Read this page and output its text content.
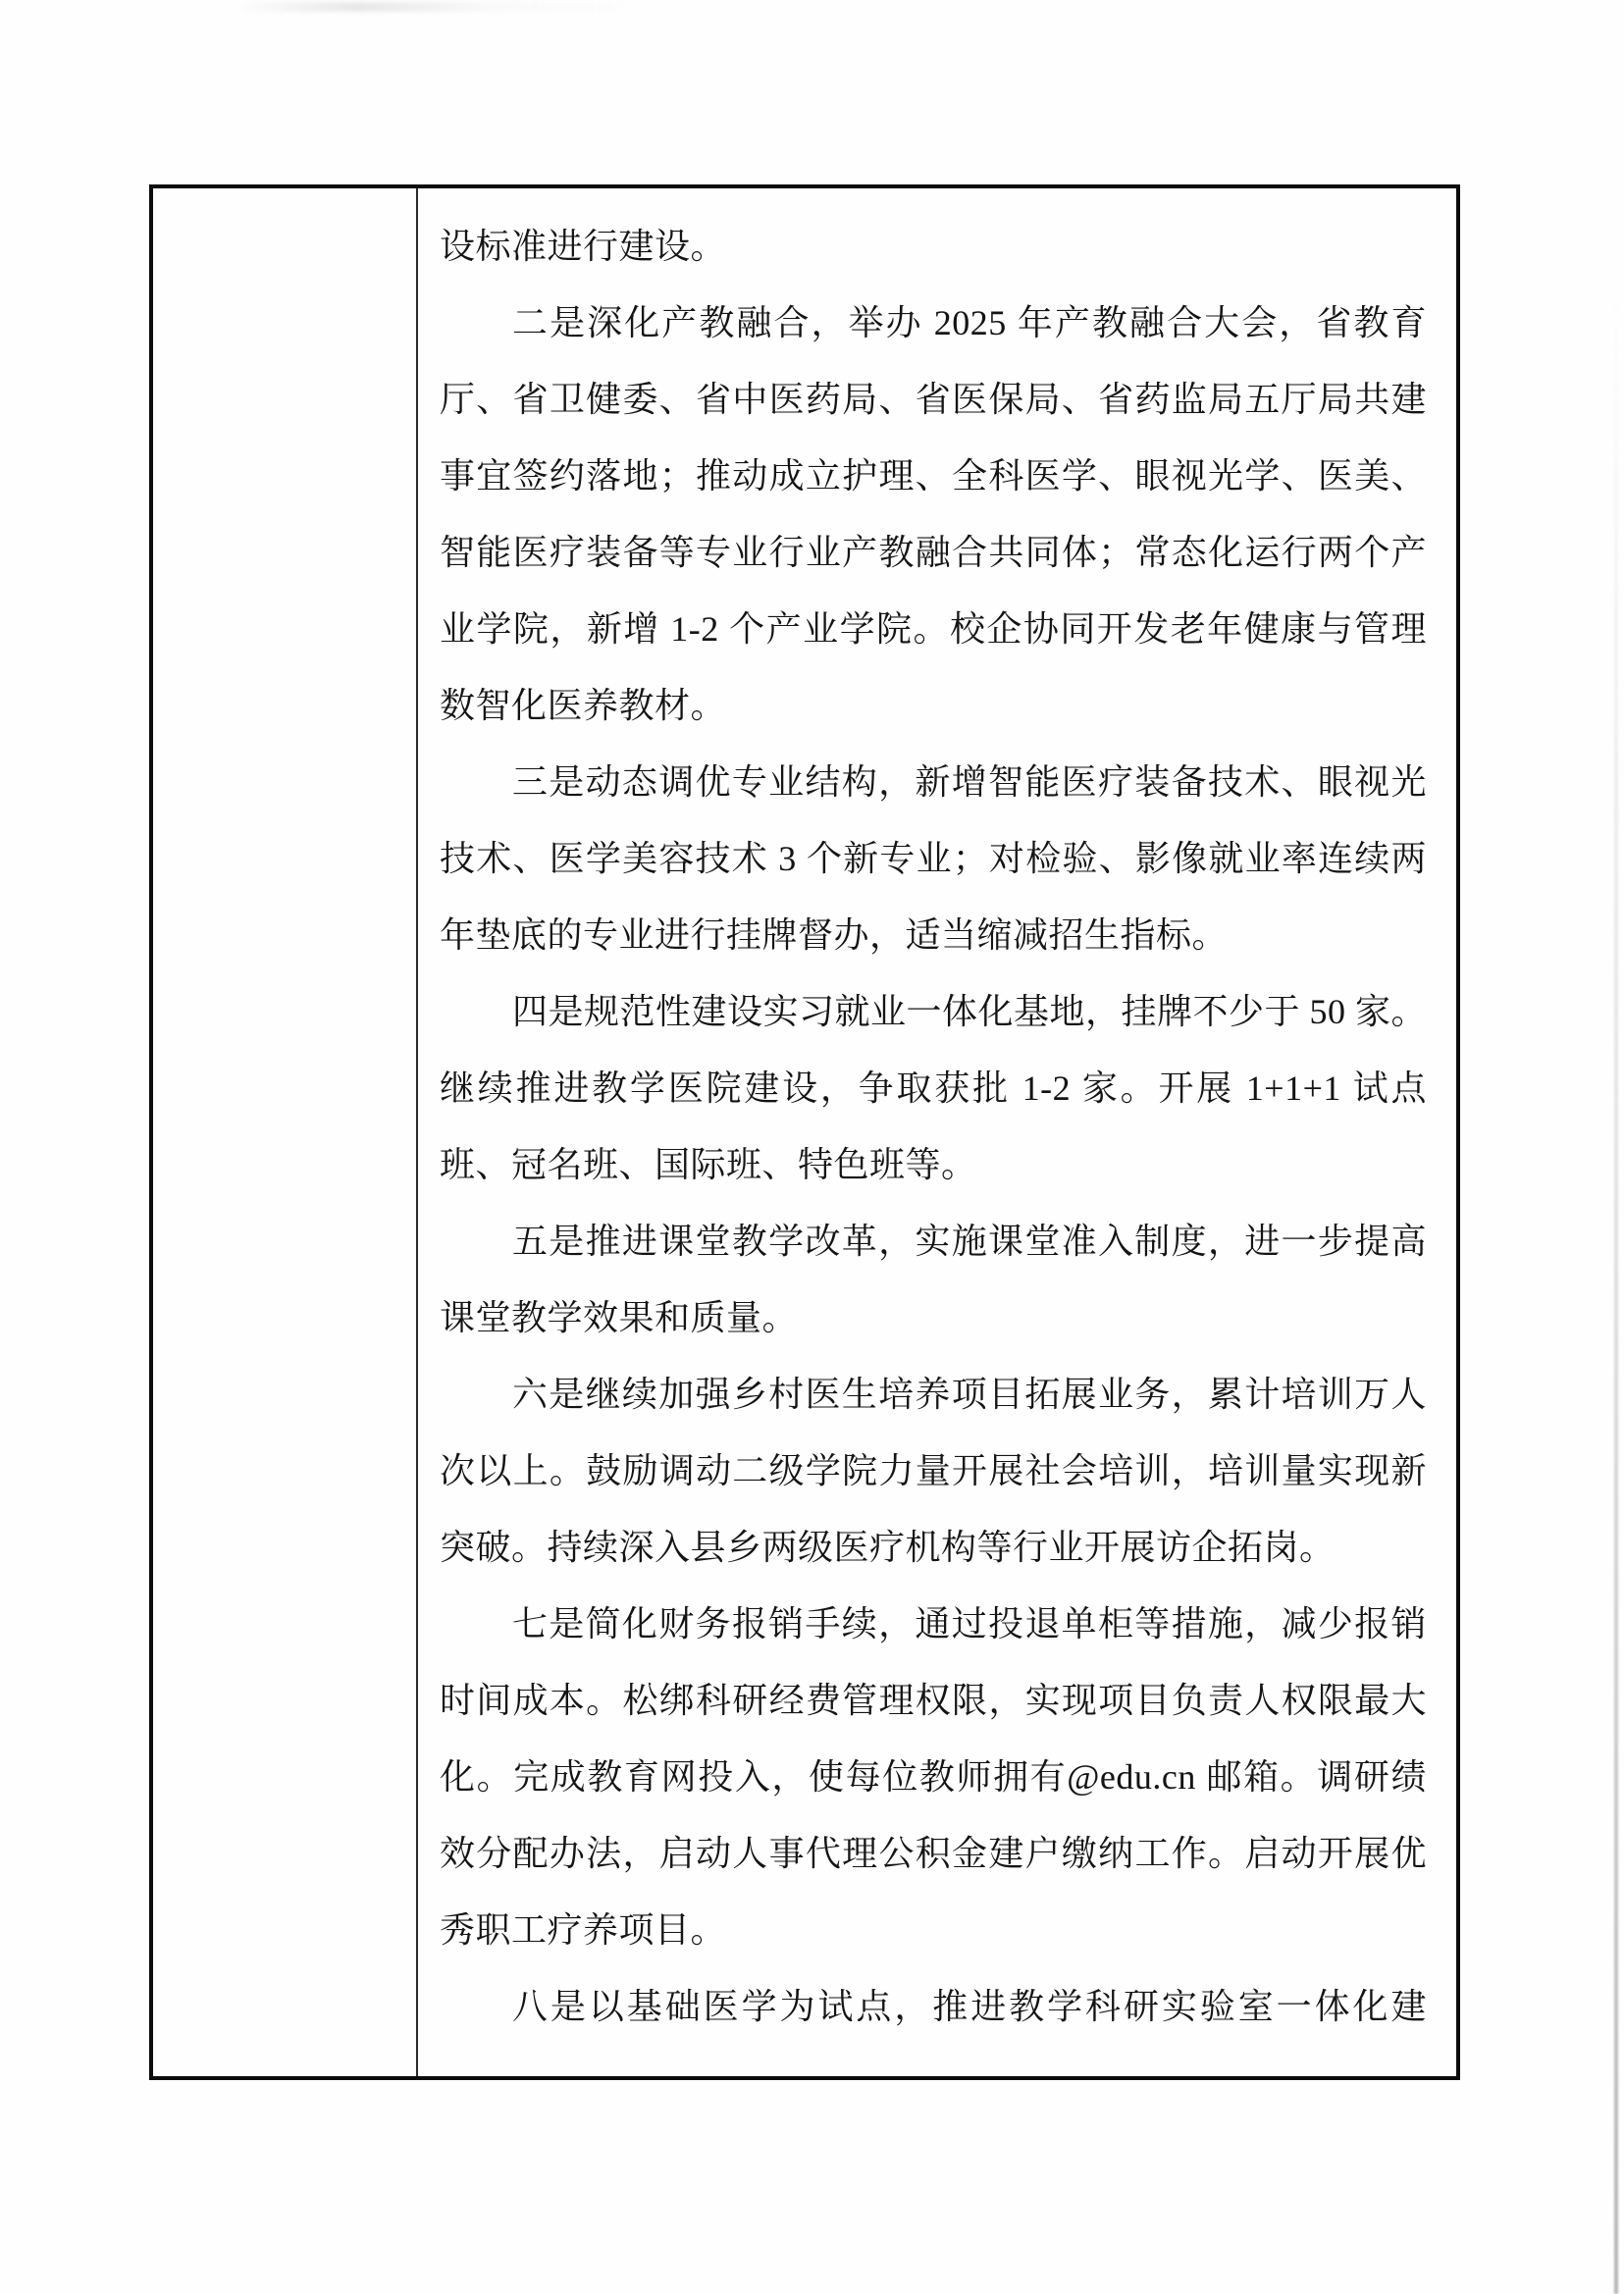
设标准进行建设。
二是深化产教融合，举办 2025 年产教融合大会，省教育
厅、省卫健委、省中医药局、省医保局、省药监局五厅局共建
事宜签约落地；推动成立护理、全科医学、眼视光学、医美、
智能医疗装备等专业行业产教融合共同体；常态化运行两个产
业学院，新增 1-2 个产业学院。校企协同开发老年健康与管理
数智化医养教材。
三是动态调优专业结构，新增智能医疗装备技术、眼视光
技术、医学美容技术 3 个新专业；对检验、影像就业率连续两
年垫底的专业进行挂牌督办，适当缩减招生指标。
四是规范性建设实习就业一体化基地，挂牌不少于 50 家。
继续推进教学医院建设，争取获批 1-2 家。开展 1+1+1 试点
班、冠名班、国际班、特色班等。
五是推进课堂教学改革，实施课堂准入制度，进一步提高
课堂教学效果和质量。
六是继续加强乡村医生培养项目拓展业务，累计培训万人
次以上。鼓励调动二级学院力量开展社会培训，培训量实现新
突破。持续深入县乡两级医疗机构等行业开展访企拓岗。
七是简化财务报销手续，通过投退单柜等措施，减少报销
时间成本。松绑科研经费管理权限，实现项目负责人权限最大
化。完成教育网投入，使每位教师拥有@edu.cn 邮箱。调研绩
效分配办法，启动人事代理公积金建户缴纳工作。启动开展优
秀职工疗养项目。
八是以基础医学为试点，推进教学科研实验室一体化建
